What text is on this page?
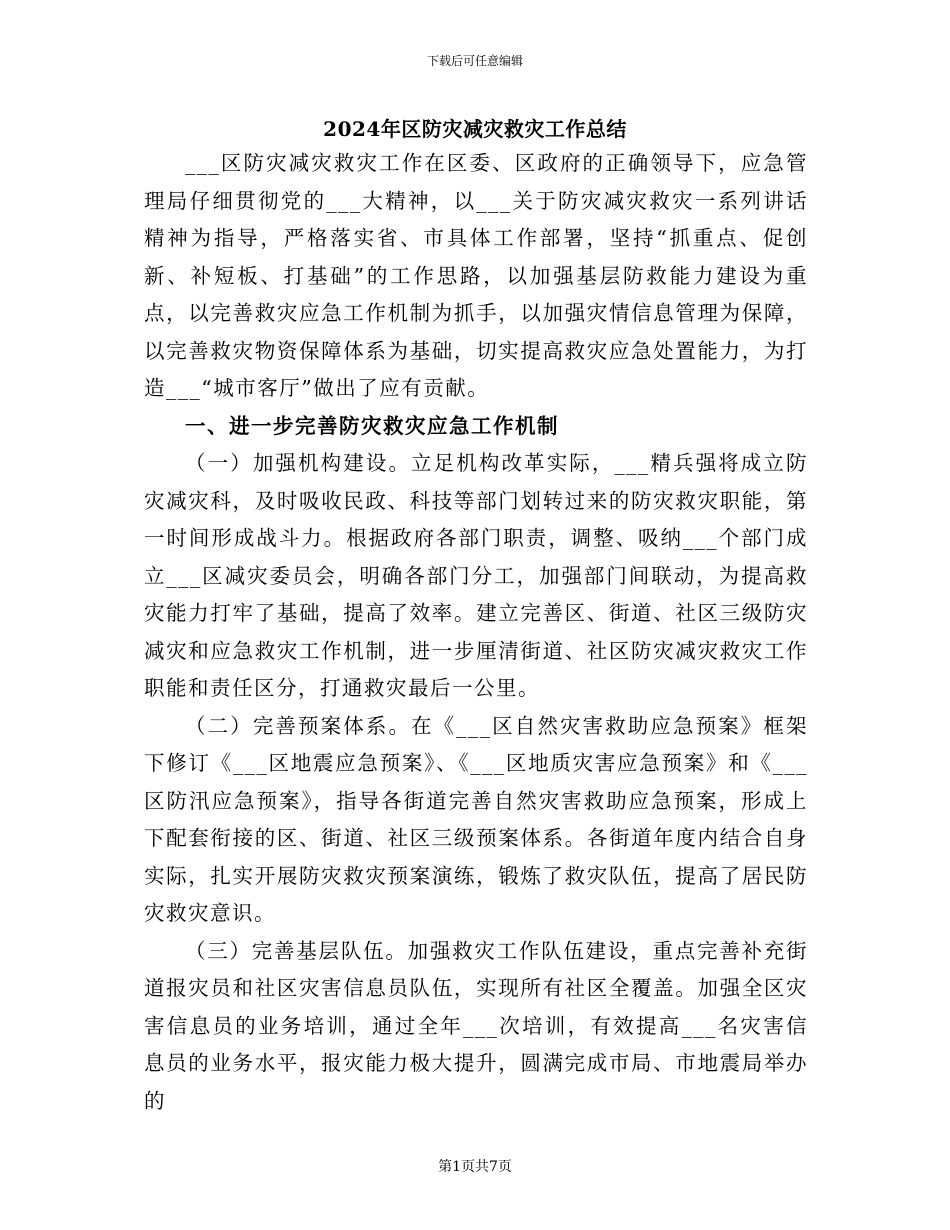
下载后可任意编辑
2024年区防灾减灾救灾工作总结

___区防灾减灾救灾工作在区委、区政府的正确领导下，应急管理局仔细贯彻党的___大精神，以___关于防灾减灾救灾一系列讲话精神为指导，严格落实省、市具体工作部署，坚持“抓重点、促创新、补短板、打基础”的工作思路，以加强基层防救能力建设为重点，以完善救灾应急工作机制为抓手，以加强灾情信息管理为保障，以完善救灾物资保障体系为基础，切实提高救灾应急处置能力，为打造___“城市客厅”做出了应有贡献。

一、进一步完善防灾救灾应急工作机制

（一）加强机构建设。立足机构改革实际，___精兵强将成立防灾减灾科，及时吸收民政、科技等部门划转过来的防灾救灾职能，第一时间形成战斗力。根据政府各部门职责，调整、吸纳___个部门成立___区减灾委员会，明确各部门分工，加强部门间联动，为提高救灾能力打牢了基础，提高了效率。建立完善区、街道、社区三级防灾减灾和应急救灾工作机制，进一步厘清街道、社区防灾减灾救灾工作职能和责任区分，打通救灾最后一公里。

（二）完善预案体系。在《___区自然灾害救助应急预案》框架下修订《___区地震应急预案》、《___区地质灾害应急预案》和《___区防汛应急预案》，指导各街道完善自然灾害救助应急预案，形成上下配套衔接的区、街道、社区三级预案体系。各街道年度内结合自身实际，扎实开展防灾救灾预案演练，锻炼了救灾队伍，提高了居民防灾救灾意识。

（三）完善基层队伍。加强救灾工作队伍建设，重点完善补充街道报灾员和社区灾害信息员队伍，实现所有社区全覆盖。加强全区灾害信息员的业务培训，通过全年___次培训，有效提高___名灾害信息员的业务水平，报灾能力极大提升，圆满完成市局、市地震局举办的

第1页共7页
